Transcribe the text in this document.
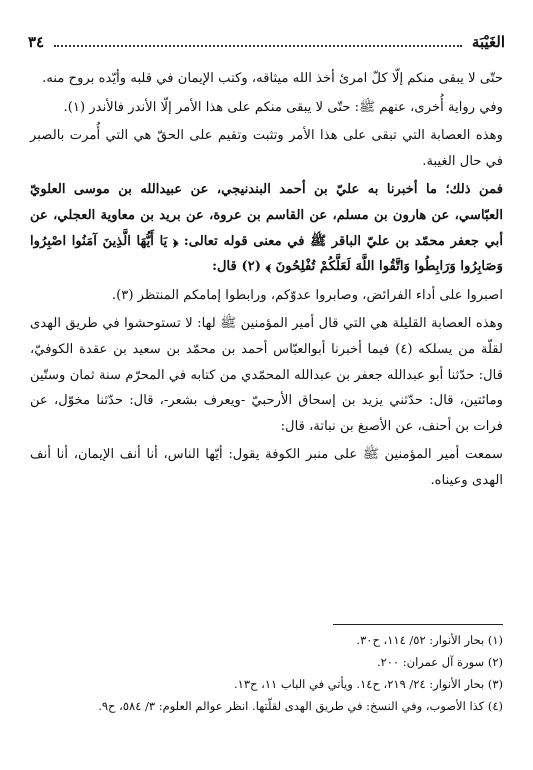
الغَيْبَة
٣٤

حتّى لا يبقى منكم إلّا كلّ امرئ أخذ الله ميثاقه، وكتب الإيمان في قلبه وأيّده بروح منه.

وفي رواية أُخرى، عنهم ﷺ: حتّى لا يبقى منكم على هذا الأمر إلّا الأندر فالأندر (١).

وهذه العصابة التي تبقى على هذا الأمر وتثبت وتقيم على الحقّ هي التي أُمرت بالصبر في حال الغيبة.

فمن ذلك؛ ما أخبرنا به عليّ بن أحمد البندنيجي، عن عبيدالله بن موسى العلويّ العبّاسي، عن هارون بن مسلم، عن القاسم بن عروة، عن بريد بن معاوية العجلي، عن أبي جعفر محمّد بن عليّ الباقر ﷺ في معنى قوله تعالى: ﴿ يَا أَيُّهَا الَّذِينَ آمَنُوا اصْبِرُوا وَصَابِرُوا وَرَابِطُوا وَاتَّقُوا اللَّهَ لَعَلَّكُمْ تُفْلِحُونَ ﴾ (٢) قال:

اصبروا على أداء الفرائض، وصابروا عدوّكم، ورابطوا إمامكم المنتظر (٣).

وهذه العصابة القليلة هي التي قال أمير المؤمنين ﷺ لها: لا تستوحشوا في طريق الهدى لقلّة من يسلكه (٤) فيما أخبرنا أبوالعبّاس أحمد بن محمّد بن سعيد بن عقدة الكوفيّ، قال: حدّثنا أبو عبدالله جعفر بن عبدالله المحمّدي من كتابه في المحرّم سنة ثمان وستّين ومائتين، قال: حدّثني يزيد بن إسحاق الأرحبيّ -ويعرف بشعر-، قال: حدّثنا مخوّل، عن فرات بن أحنف، عن الأصبغ بن نباتة، قال:

سمعت أمير المؤمنين ﷺ على منبر الكوفة يقول: أيّها الناس، أنا أنف الإيمان، أنا أنف الهدى وعيناه.

(١) بحار الأنوار: ٥٢/ ١١٤، ح٣٠.
(٢) سورة آل عمران: ٢٠٠.
(٣) بحار الأنوار: ٢٤/ ٢١٩، ح١٤. ويأتي في الباب ١١، ح١٣.
(٤) كذا الأصوب، وفي النسخ: في طريق الهدى لقلّتها. انظر عوالم العلوم: ٣/ ٥٨٤، ح٩.
